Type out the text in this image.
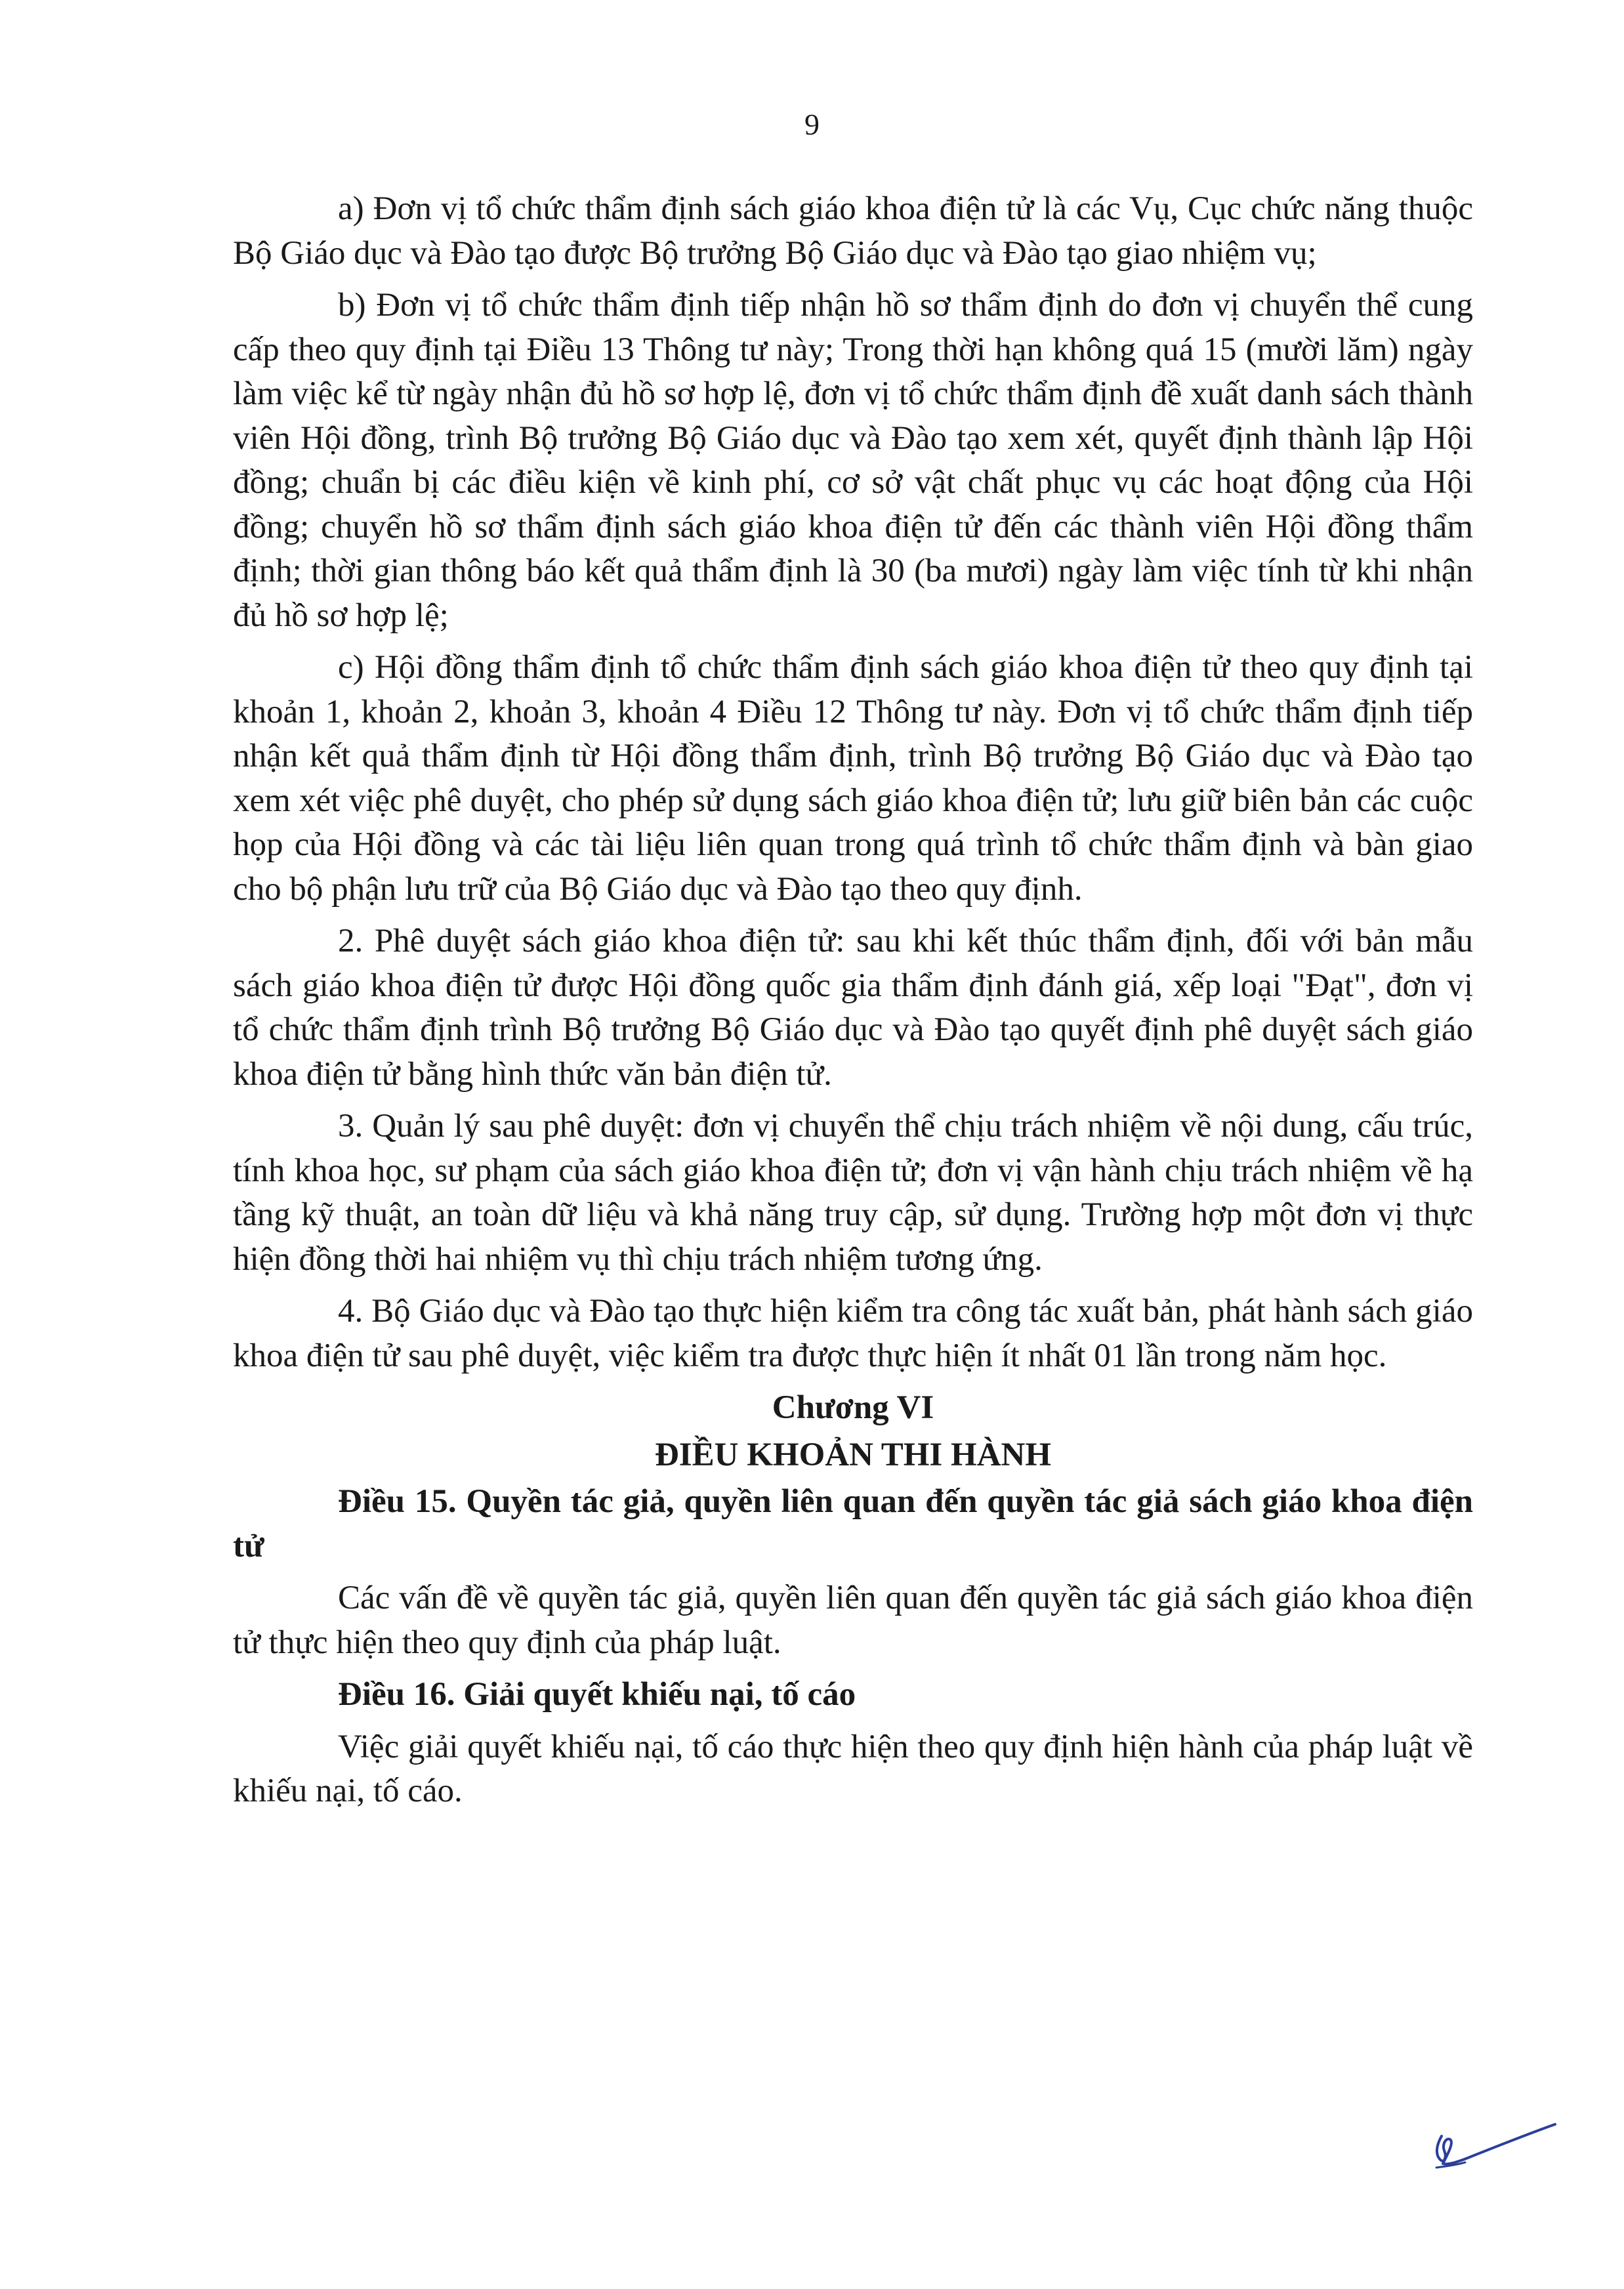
9

a) Đơn vị tổ chức thẩm định sách giáo khoa điện tử là các Vụ, Cục chức năng thuộc Bộ Giáo dục và Đào tạo được Bộ trưởng Bộ Giáo dục và Đào tạo giao nhiệm vụ;

b) Đơn vị tổ chức thẩm định tiếp nhận hồ sơ thẩm định do đơn vị chuyển thể cung cấp theo quy định tại Điều 13 Thông tư này; Trong thời hạn không quá 15 (mười lăm) ngày làm việc kể từ ngày nhận đủ hồ sơ hợp lệ, đơn vị tổ chức thẩm định đề xuất danh sách thành viên Hội đồng, trình Bộ trưởng Bộ Giáo dục và Đào tạo xem xét, quyết định thành lập Hội đồng; chuẩn bị các điều kiện về kinh phí, cơ sở vật chất phục vụ các hoạt động của Hội đồng; chuyển hồ sơ thẩm định sách giáo khoa điện tử đến các thành viên Hội đồng thẩm định; thời gian thông báo kết quả thẩm định là 30 (ba mươi) ngày làm việc tính từ khi nhận đủ hồ sơ hợp lệ;

c) Hội đồng thẩm định tổ chức thẩm định sách giáo khoa điện tử theo quy định tại khoản 1, khoản 2, khoản 3, khoản 4 Điều 12 Thông tư này. Đơn vị tổ chức thẩm định tiếp nhận kết quả thẩm định từ Hội đồng thẩm định, trình Bộ trưởng Bộ Giáo dục và Đào tạo xem xét việc phê duyệt, cho phép sử dụng sách giáo khoa điện tử; lưu giữ biên bản các cuộc họp của Hội đồng và các tài liệu liên quan trong quá trình tổ chức thẩm định và bàn giao cho bộ phận lưu trữ của Bộ Giáo dục và Đào tạo theo quy định.

2. Phê duyệt sách giáo khoa điện tử: sau khi kết thúc thẩm định, đối với bản mẫu sách giáo khoa điện tử được Hội đồng quốc gia thẩm định đánh giá, xếp loại "Đạt", đơn vị tổ chức thẩm định trình Bộ trưởng Bộ Giáo dục và Đào tạo quyết định phê duyệt sách giáo khoa điện tử bằng hình thức văn bản điện tử.

3. Quản lý sau phê duyệt: đơn vị chuyển thể chịu trách nhiệm về nội dung, cấu trúc, tính khoa học, sư phạm của sách giáo khoa điện tử; đơn vị vận hành chịu trách nhiệm về hạ tầng kỹ thuật, an toàn dữ liệu và khả năng truy cập, sử dụng. Trường hợp một đơn vị thực hiện đồng thời hai nhiệm vụ thì chịu trách nhiệm tương ứng.

4. Bộ Giáo dục và Đào tạo thực hiện kiểm tra công tác xuất bản, phát hành sách giáo khoa điện tử sau phê duyệt, việc kiểm tra được thực hiện ít nhất 01 lần trong năm học.

Chương VI

ĐIỀU KHOẢN THI HÀNH

Điều 15. Quyền tác giả, quyền liên quan đến quyền tác giả sách giáo khoa điện tử

Các vấn đề về quyền tác giả, quyền liên quan đến quyền tác giả sách giáo khoa điện tử thực hiện theo quy định của pháp luật.

Điều 16. Giải quyết khiếu nại, tố cáo

Việc giải quyết khiếu nại, tố cáo thực hiện theo quy định hiện hành của pháp luật về khiếu nại, tố cáo.
